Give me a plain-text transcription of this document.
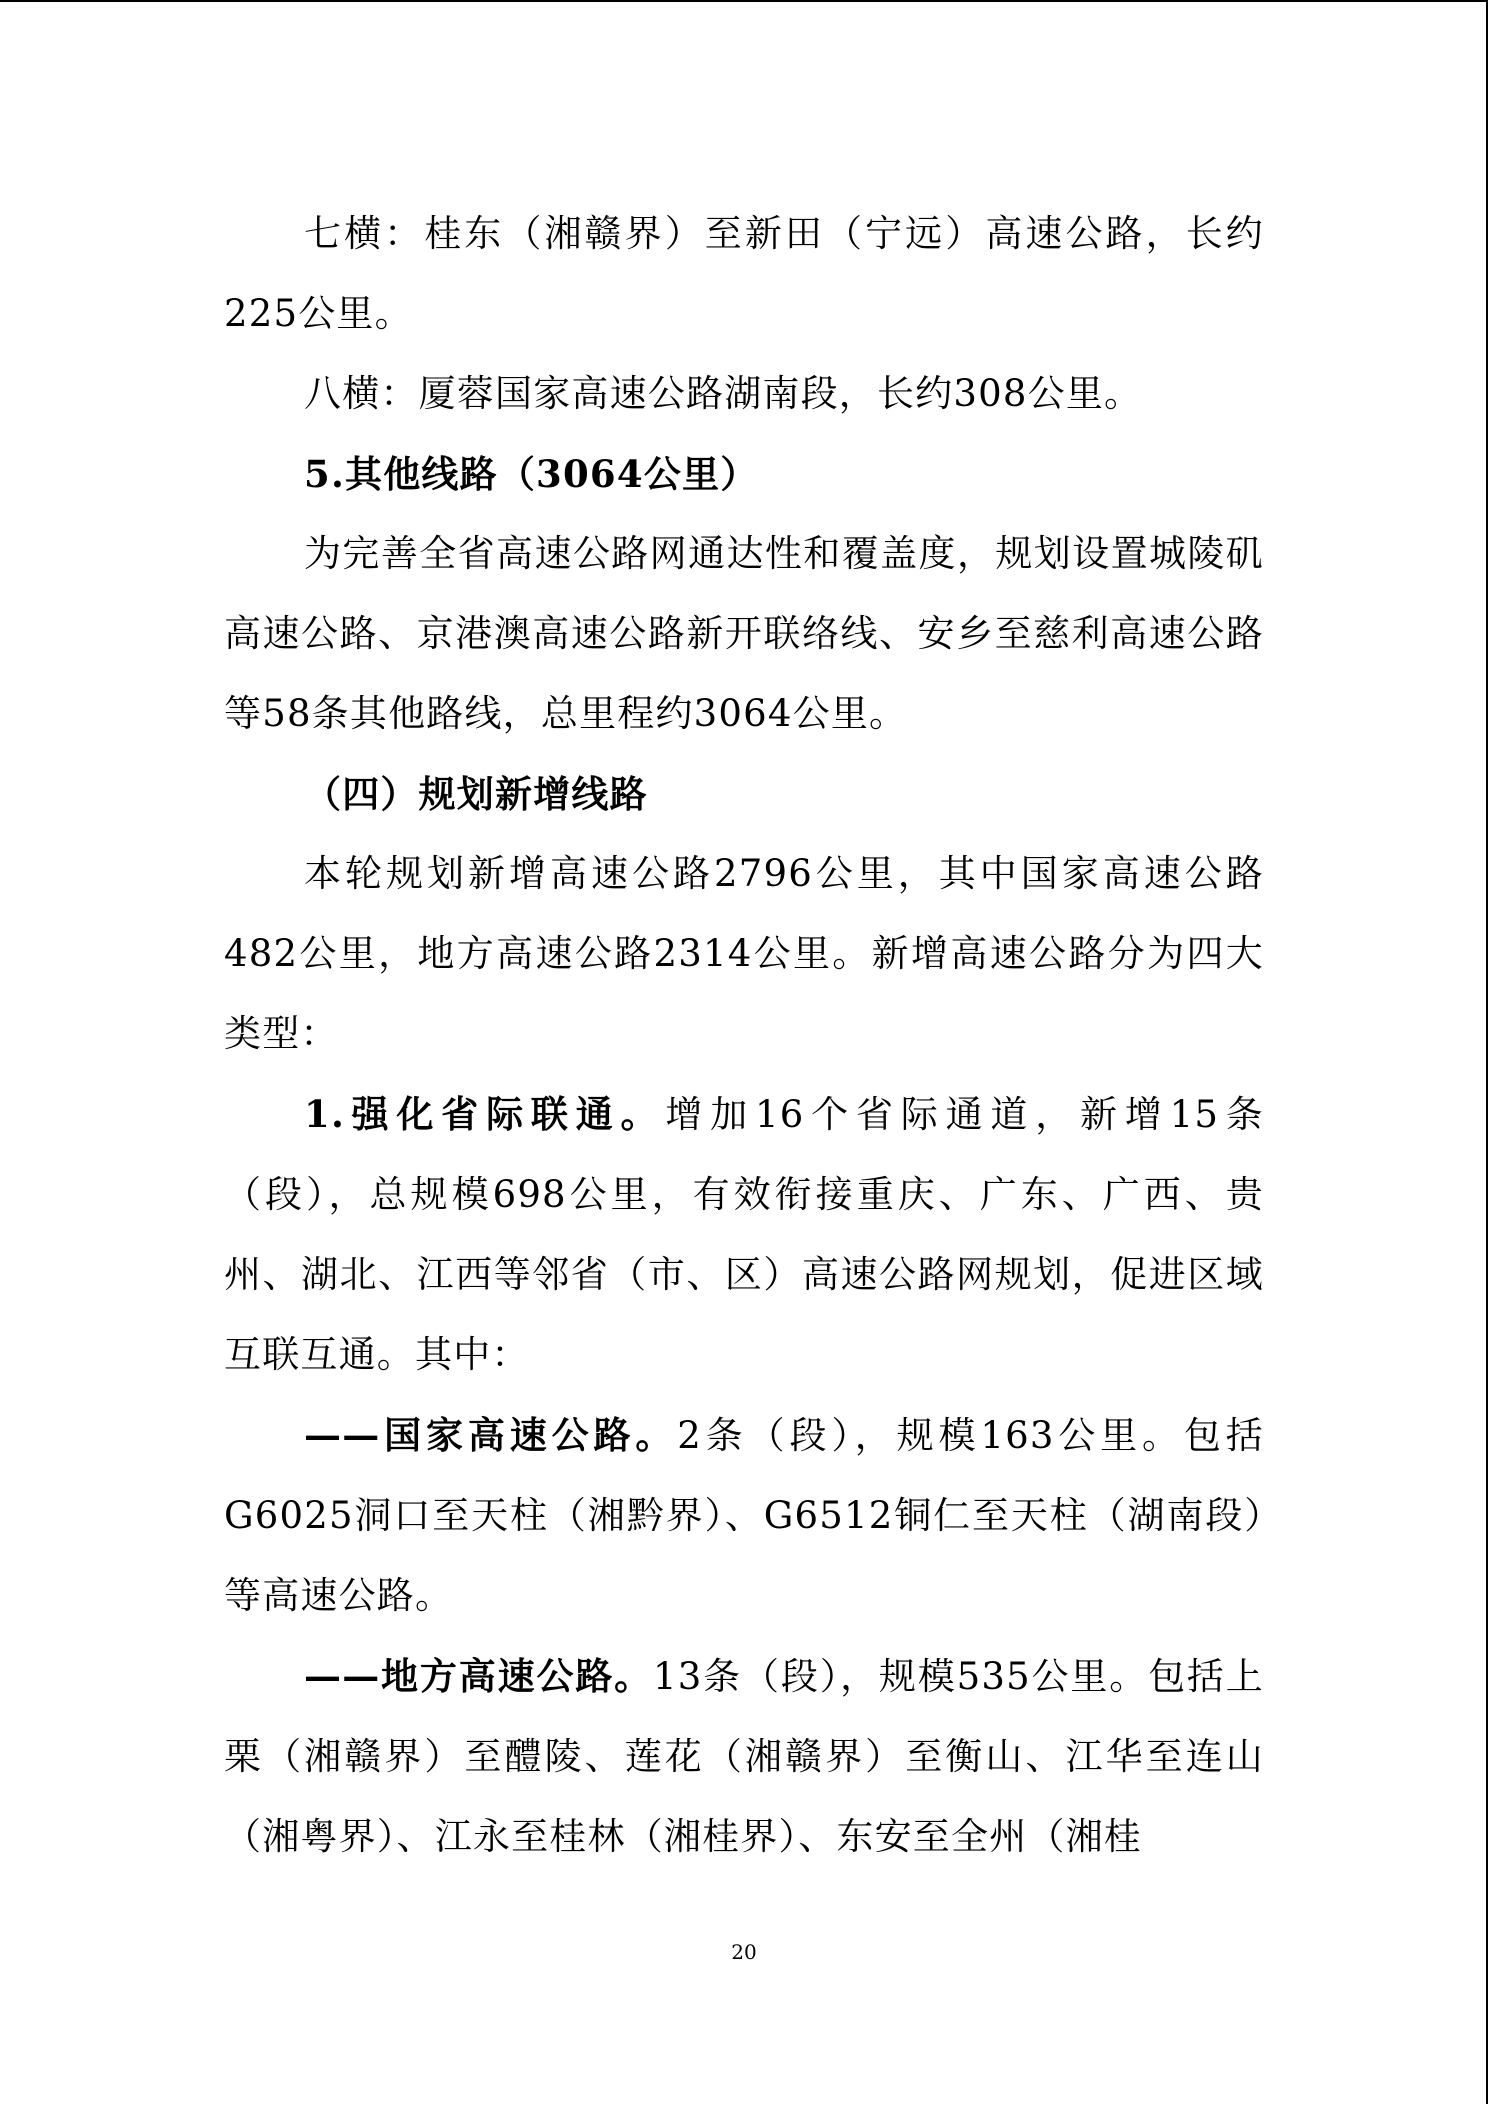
七横：桂东（湘赣界）至新田（宁远）高速公路，长约225公里。

八横：厦蓉国家高速公路湖南段，长约308公里。

5.其他线路（3064公里）

为完善全省高速公路网通达性和覆盖度，规划设置城陵矶高速公路、京港澳高速公路新开联络线、安乡至慈利高速公路等58条其他路线，总里程约3064公里。

（四）规划新增线路

本轮规划新增高速公路2796公里，其中国家高速公路482公里，地方高速公路2314公里。新增高速公路分为四大类型：

1.强化省际联通。增加16个省际通道，新增15条（段），总规模698公里，有效衔接重庆、广东、广西、贵州、湖北、江西等邻省（市、区）高速公路网规划，促进区域互联互通。其中：

——国家高速公路。2条（段），规模163公里。包括G6025洞口至天柱（湘黔界）、G6512铜仁至天柱（湖南段）等高速公路。

——地方高速公路。13条（段），规模535公里。包括上栗（湘赣界）至醴陵、莲花（湘赣界）至衡山、江华至连山（湘粤界）、江永至桂林（湘桂界）、东安至全州（湘桂

20
